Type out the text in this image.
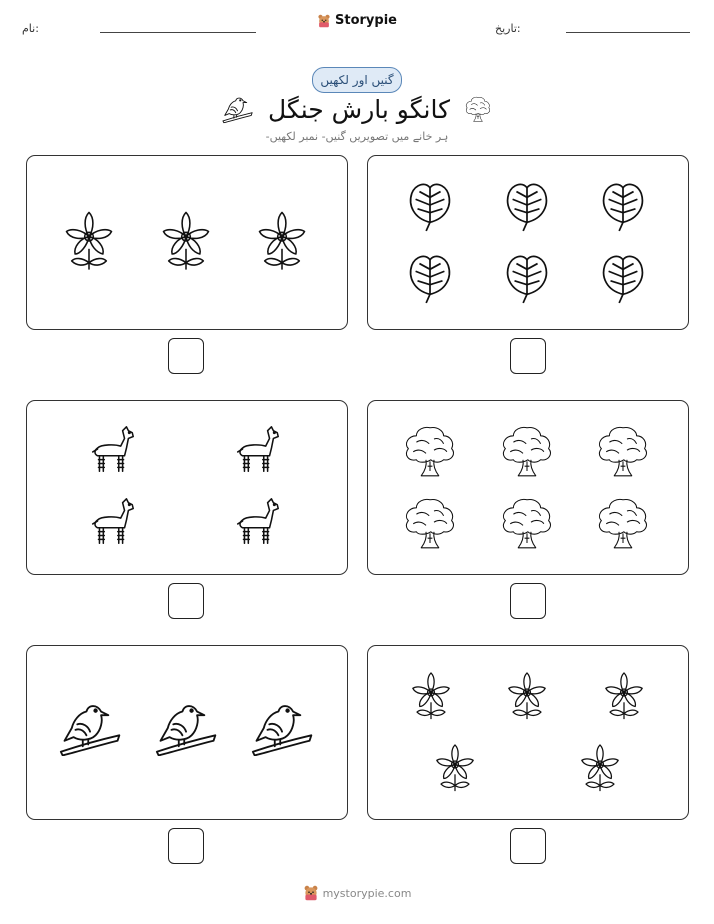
نام:
Storypie
تاریخ:
گنیں اور لکھیں
کانگو بارش جنگل
ہر خانے میں تصویریں گنیں- نمبر لکھیں-
mystorypie.com
